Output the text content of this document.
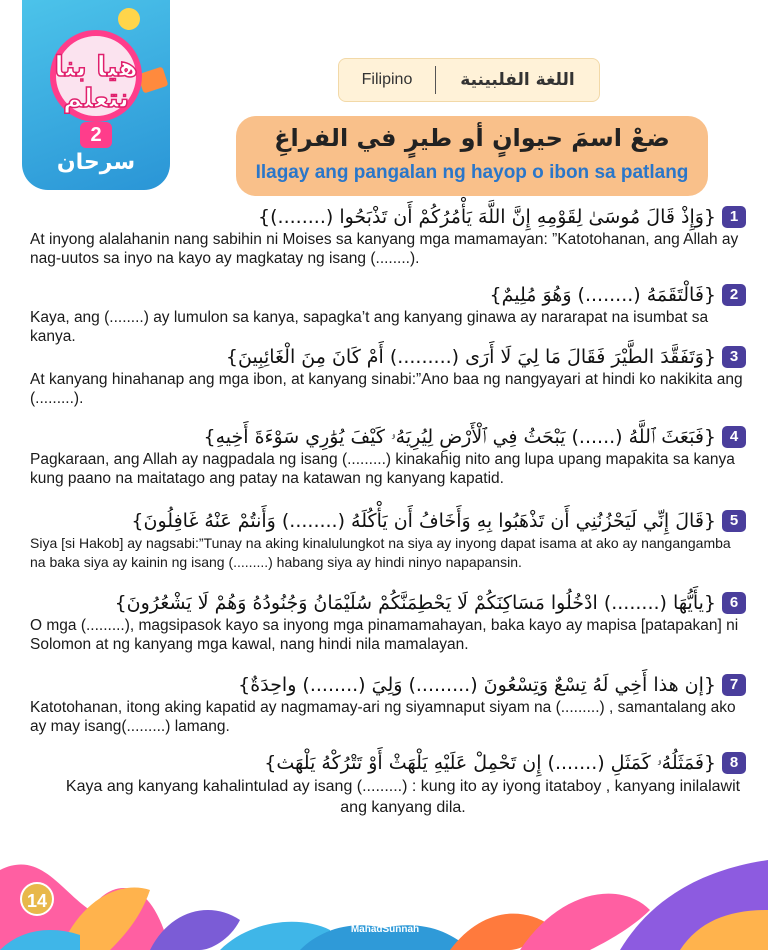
هيا بنا
نتعلم
2
سرحان
Filipino	اللغة الفلبينية
ضعْ اسمَ حيوانٍ أو طيرٍ في الفراغِ
Ilagay ang pangalan ng hayop o ibon sa patlang
1
{وَإِذْ قَالَ مُوسَىٰ لِقَوْمِهِ إِنَّ اللَّهَ يَأْمُرُكُمْ أَن تَذْبَحُوا (........)}
At inyong alalahanin nang sabihin ni Moises sa kanyang mga mamamayan: ”Katotohanan, ang Allah ay nag-uutos sa inyo na kayo ay magkatay ng isang (........).
2
{فَالْتَقَمَهُ (........) وَهُوَ مُلِيمٌ}
Kaya, ang (........) ay lumulon sa kanya, sapagka’t ang kanyang ginawa ay nararapat na isumbat sa kanya.
3
{وَتَفَقَّدَ الطَّيْرَ فَقَالَ مَا لِيَ لَا أَرَى (.........) أَمْ كَانَ مِنَ الْغَائِبِينَ}
At kanyang hinahanap ang mga ibon, at kanyang sinabi:”Ano baa ng nangyayari at hindi ko nakikita ang (.........).
4
{فَبَعَثَ ٱللَّهُ (......) يَبْحَثُ فِي ٱلْأَرْضِ لِيُرِيَهُۥ كَيْفَ يُوَٰرِي سَوْءَةَ أَخِيهِ}
Pagkaraan, ang Allah ay nagpadala ng isang (.........) kinakahig nito ang lupa upang mapakita sa kanya kung paano na maitatago ang patay na katawan ng kanyang kapatid.
5
{قَالَ إِنِّي لَيَحْزُنُنِي أَن تَذْهَبُوا بِهِ وَأَخَافُ أَن يَأْكُلَهُ (........) وَأَنتُمْ عَنْهُ غَافِلُونَ}
Siya [si Hakob] ay nagsabi:”Tunay na aking kinalulungkot na siya ay inyong dapat isama at ako ay nangangamba na baka siya ay kainin ng isang (.........) habang siya ay hindi ninyo napapansin.
6
{يأَيُّهَا (........) ادْخُلُوا مَسَاكِنَكُمْ لَا يَحْطِمَنَّكُمْ سُلَيْمَانُ وَجُنُودُهُ وَهُمْ لَا يَشْعُرُونَ}
O mga (.........), magsipasok kayo sa inyong mga pinamamahayan, baka kayo ay mapisa [patapakan] ni Solomon at ng kanyang mga kawal, nang hindi nila mamalayan.
7
{إن هذا أَخِي لَهُ تِسْعٌ وَتِسْعُونَ (.........) وَلِيَ (........) واحِدَةٌ}
Katotohanan, itong aking kapatid ay nagmamay-ari ng siyamnaput siyam na (.........) , samantalang ako ay may isang(.........) lamang.
8
{فَمَثَلُهُۥ كَمَثَلِ (.......) إِن تَحْمِلْ عَلَيْهِ يَلْهَثْ أَوْ تَتْرُكْهُ يَلْهَث}
Kaya ang kanyang kahalintulad ay isang (.........) : kung ito ay iyong itataboy , kanyang inilalawit ang kanyang dila.
14	معهد السنة
MahadSunnah
